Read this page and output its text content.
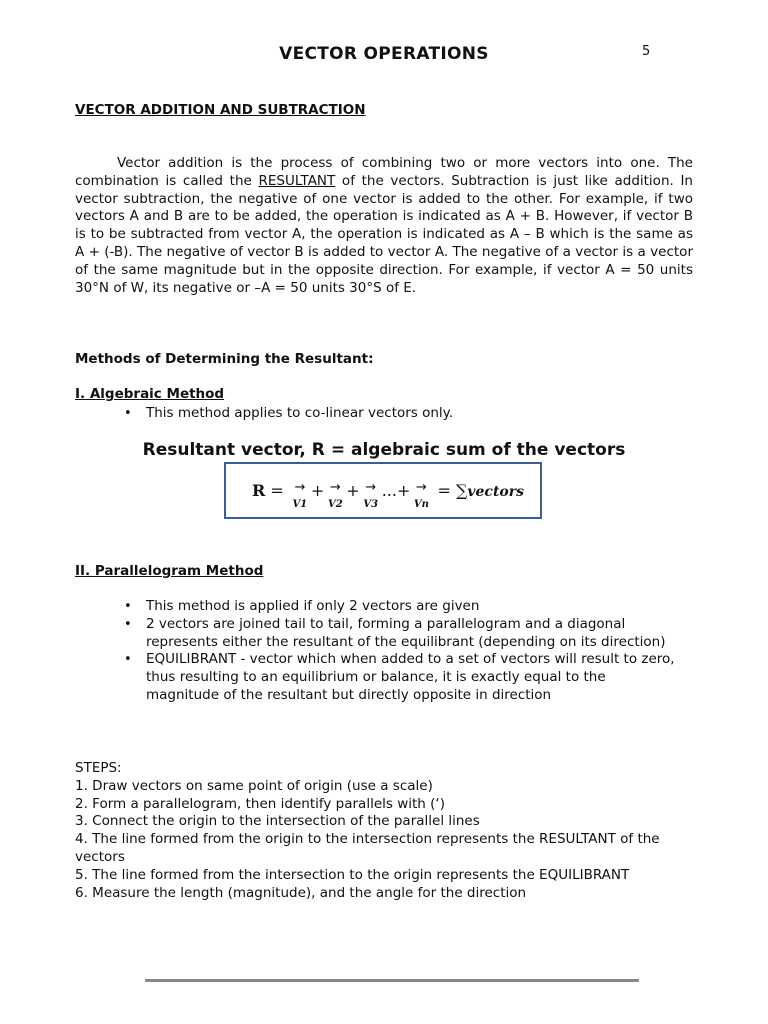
VECTOR OPERATIONS	5
VECTOR ADDITION AND SUBTRACTION

Vector addition is the process of combining two or more vectors into one. The combination is called the RESULTANT of the vectors. Subtraction is just like addition. In vector subtraction, the negative of one vector is added to the other. For example, if two vectors A and B are to be added, the operation is indicated as A + B. However, if vector B is to be subtracted from vector A, the operation is indicated as A – B which is the same as A + (-B). The negative of vector B is added to vector A. The negative of a vector is a vector of the same magnitude but in the opposite direction. For example, if vector A = 50 units 30°N of W, its negative or –A = 50 units 30°S of E.

Methods of Determining the Resultant:
I. Algebraic Method
• This method applies to co-linear vectors only.
Resultant vector, R = algebraic sum of the vectors
R = →
V1
+ →
V2
+ →
V3
...+ →
Vn
= ∑vectors
II. Parallelogram Method
• This method is applied if only 2 vectors are given
• 2 vectors are joined tail to tail, forming a parallelogram and a diagonal represents either the resultant of the equilibrant (depending on its direction)
• EQUILIBRANT - vector which when added to a set of vectors will result to zero, thus resulting to an equilibrium or balance, it is exactly equal to the magnitude of the resultant but directly opposite in direction
STEPS:
1. Draw vectors on same point of origin (use a scale)
2. Form a parallelogram, then identify parallels with (‘)
3. Connect the origin to the intersection of the parallel lines
4. The line formed from the origin to the intersection represents the RESULTANT of the vectors
5. The line formed from the intersection to the origin represents the EQUILIBRANT
6. Measure the length (magnitude), and the angle for the direction
